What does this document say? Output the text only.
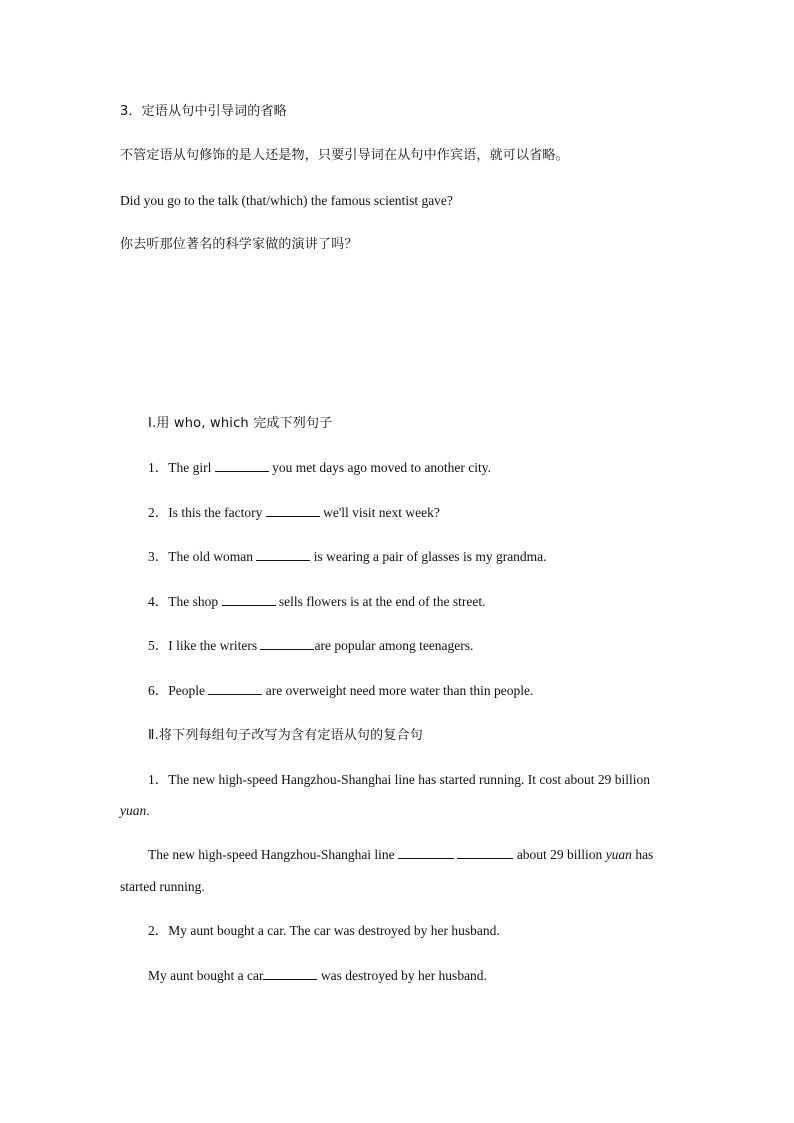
3．定语从句中引导词的省略
不管定语从句修饰的是人还是物，只要引导词在从句中作宾语，就可以省略。
Did you go to the talk (that/which) the famous scientist gave?
你去听那位著名的科学家做的演讲了吗？
Ⅰ.用 who, which 完成下列句子
1．The girl	you met days ago moved to another city.
2．Is this the factory	we'll visit next week?
3．The old woman	is wearing a pair of glasses is my grandma.
4．The shop	sells flowers is at the end of the street.
5．I like the writers	are popular among teenagers.
6．People	are overweight need more water than thin people.
Ⅱ.将下列每组句子改写为含有定语从句的复合句
1．The new high-speed Hangzhou-Shanghai line has started running. It cost about 29 billion
yuan.
The new high-speed Hangzhou-Shanghai line	about 29 billion yuan has
started running.
2．My aunt bought a car. The car was destroyed by her husband.
My aunt bought a car	was destroyed by her husband.
